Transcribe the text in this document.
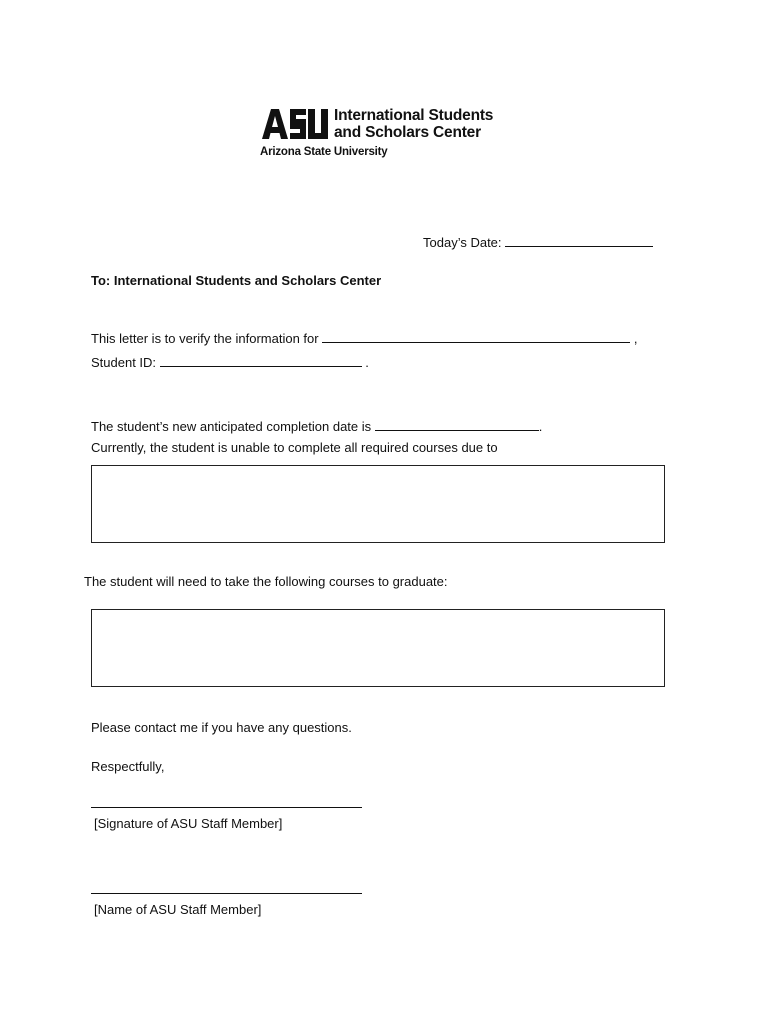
International Students
and Scholars Center
Arizona State University
Today’s Date:
To: International Students and Scholars Center
This letter is to verify the information for	,
Student ID:	.
The student’s new anticipated completion date is	.
Currently, the student is unable to complete all required courses due to
The student will need to take the following courses to graduate:
Please contact me if you have any questions.
Respectfully,
[Signature of ASU Staff Member]
[Name of ASU Staff Member]
